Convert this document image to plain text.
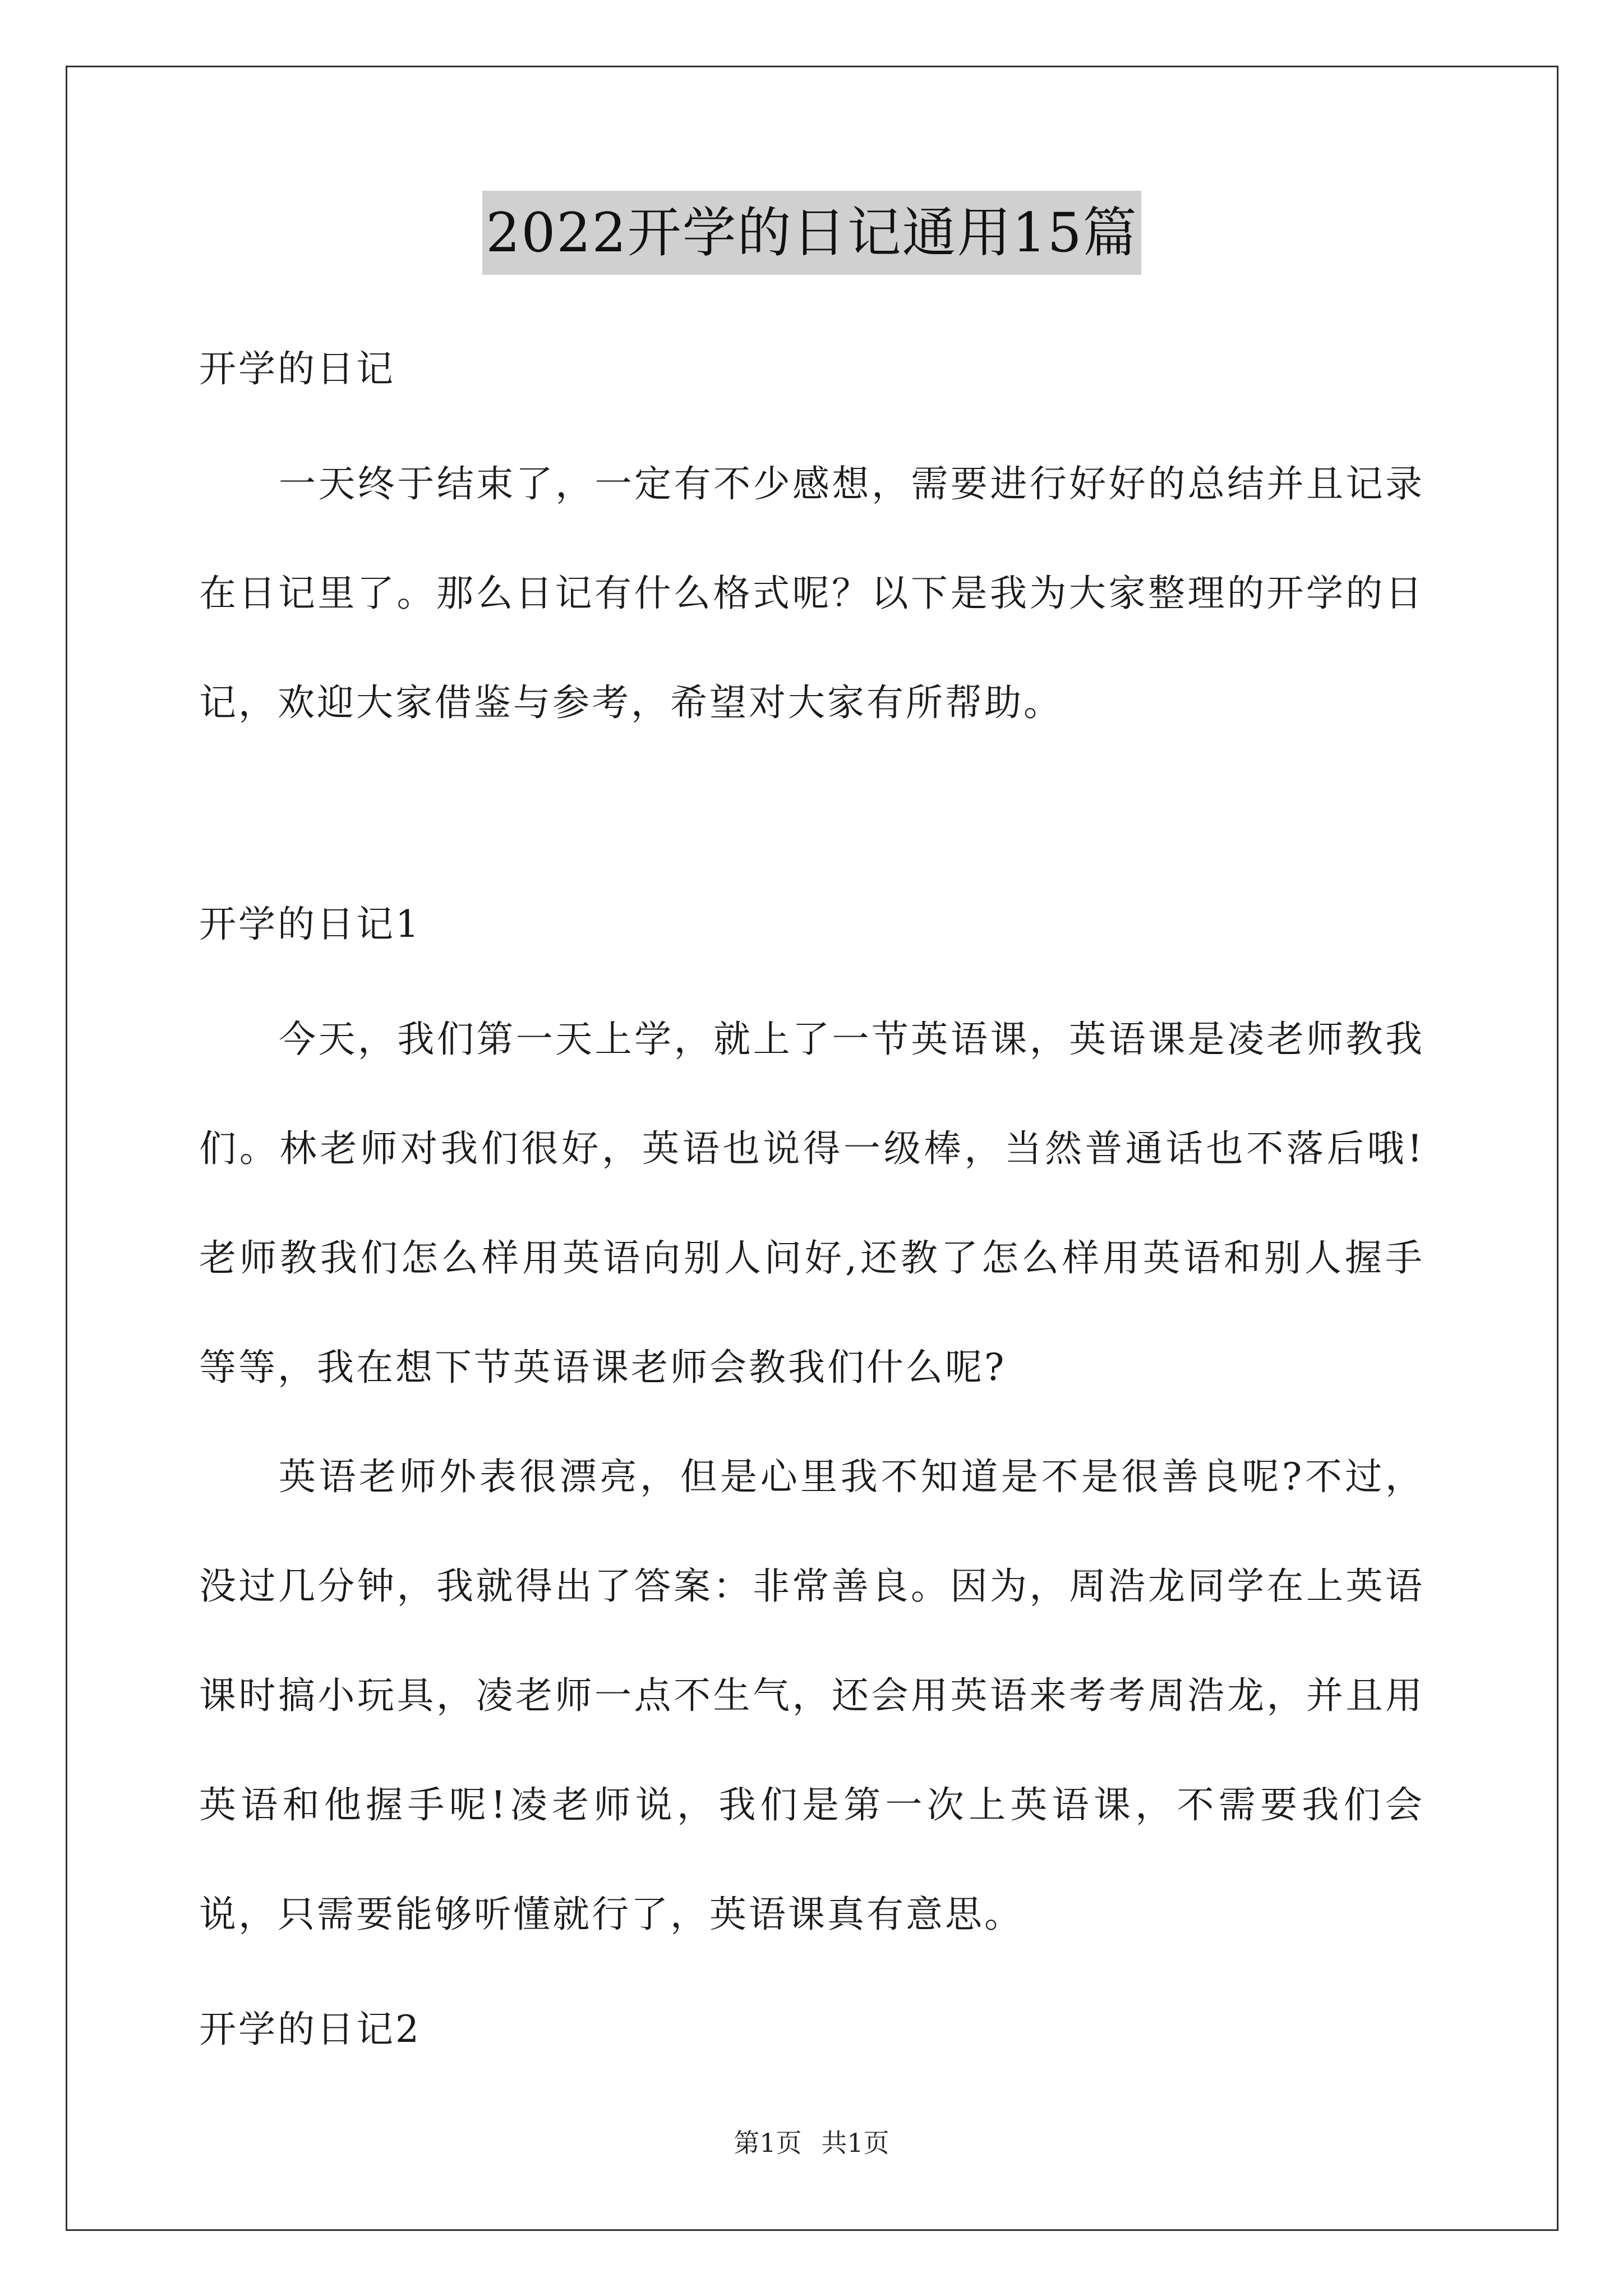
2022开学的日记通用15篇

开学的日记

一天终于结束了，一定有不少感想，需要进行好好的总结并且记录在日记里了。那么日记有什么格式呢？以下是我为大家整理的开学的日记，欢迎大家借鉴与参考，希望对大家有所帮助。

开学的日记1

今天，我们第一天上学，就上了一节英语课，英语课是凌老师教我们。林老师对我们很好，英语也说得一级棒，当然普通话也不落后哦!老师教我们怎么样用英语向别人问好,还教了怎么样用英语和别人握手等等，我在想下节英语课老师会教我们什么呢?

英语老师外表很漂亮，但是心里我不知道是不是很善良呢?不过，没过几分钟，我就得出了答案：非常善良。因为，周浩龙同学在上英语课时搞小玩具，凌老师一点不生气，还会用英语来考考周浩龙，并且用英语和他握手呢!凌老师说，我们是第一次上英语课，不需要我们会说，只需要能够听懂就行了，英语课真有意思。

开学的日记2

第1页 共1页
